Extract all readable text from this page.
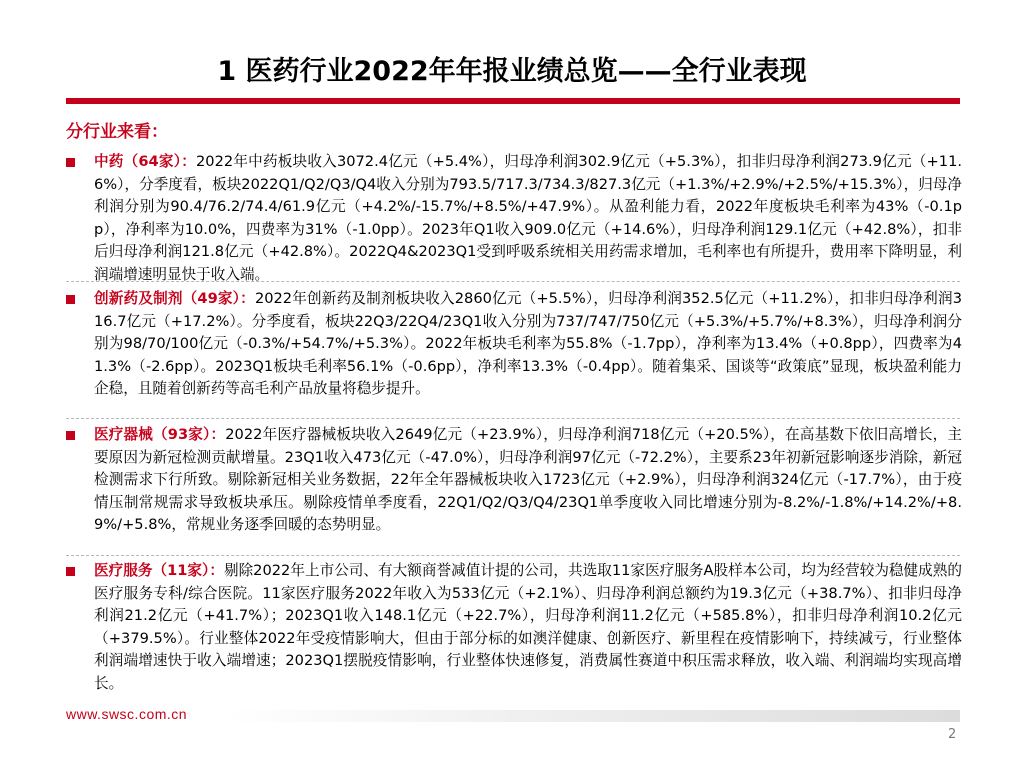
1 医药行业2022年年报业绩总览——全行业表现
分行业来看：
中药（64家）：2022年中药板块收入3072.4亿元（+5.4%），归母净利润302.9亿元（+5.3%），扣非归母净利润273.9亿元（+11.6%），分季度看，板块2022Q1/Q2/Q3/Q4收入分别为793.5/717.3/734.3/827.3亿元（+1.3%/+2.9%/+2.5%/+15.3%），归母净利润分别为90.4/76.2/74.4/61.9亿元（+4.2%/-15.7%/+8.5%/+47.9%）。从盈利能力看，2022年度板块毛利率为43%（-0.1pp），净利率为10.0%，四费率为31%（-1.0pp）。2023年Q1收入909.0亿元（+14.6%），归母净利润129.1亿元（+42.8%），扣非后归母净利润121.8亿元（+42.8%）。2022Q4&2023Q1受到呼吸系统相关用药需求增加，毛利率也有所提升，费用率下降明显，利润端增速明显快于收入端。
创新药及制剂（49家）：2022年创新药及制剂板块收入2860亿元（+5.5%），归母净利润352.5亿元（+11.2%），扣非归母净利润316.7亿元（+17.2%）。分季度看，板块22Q3/22Q4/23Q1收入分别为737/747/750亿元（+5.3%/+5.7%/+8.3%），归母净利润分别为98/70/100亿元（-0.3%/+54.7%/+5.3%）。2022年板块毛利率为55.8%（-1.7pp），净利率为13.4%（+0.8pp），四费率为41.3%（-2.6pp）。2023Q1板块毛利率56.1%（-0.6pp），净利率13.3%（-0.4pp）。随着集采、国谈等“政策底”显现，板块盈利能力企稳，且随着创新药等高毛利产品放量将稳步提升。
医疗器械（93家）：2022年医疗器械板块收入2649亿元（+23.9%），归母净利润718亿元（+20.5%），在高基数下依旧高增长，主要原因为新冠检测贡献增量。23Q1收入473亿元（-47.0%），归母净利润97亿元（-72.2%），主要系23年初新冠影响逐步消除，新冠检测需求下行所致。剔除新冠相关业务数据，22年全年器械板块收入1723亿元（+2.9%），归母净利润324亿元（-17.7%），由于疫情压制常规需求导致板块承压。剔除疫情单季度看，22Q1/Q2/Q3/Q4/23Q1单季度收入同比增速分别为-8.2%/-1.8%/+14.2%/+8.9%/+5.8%，常规业务逐季回暖的态势明显。
医疗服务（11家）：剔除2022年上市公司、有大额商誉减值计提的公司，共选取11家医疗服务A股样本公司，均为经营较为稳健成熟的医疗服务专科/综合医院。11家医疗服务2022年收入为533亿元（+2.1%）、归母净利润总额约为19.3亿元（+38.7%）、扣非归母净利润21.2亿元（+41.7%）；2023Q1收入148.1亿元（+22.7%），归母净利润11.2亿元（+585.8%），扣非归母净利润10.2亿元（+379.5%）。行业整体2022年受疫情影响大，但由于部分标的如澳洋健康、创新医疗、新里程在疫情影响下，持续减亏，行业整体利润端增速快于收入端增速；2023Q1摆脱疫情影响，行业整体快速修复，消费属性赛道中积压需求释放，收入端、利润端均实现高增长。
www.swsc.com.cn
2
